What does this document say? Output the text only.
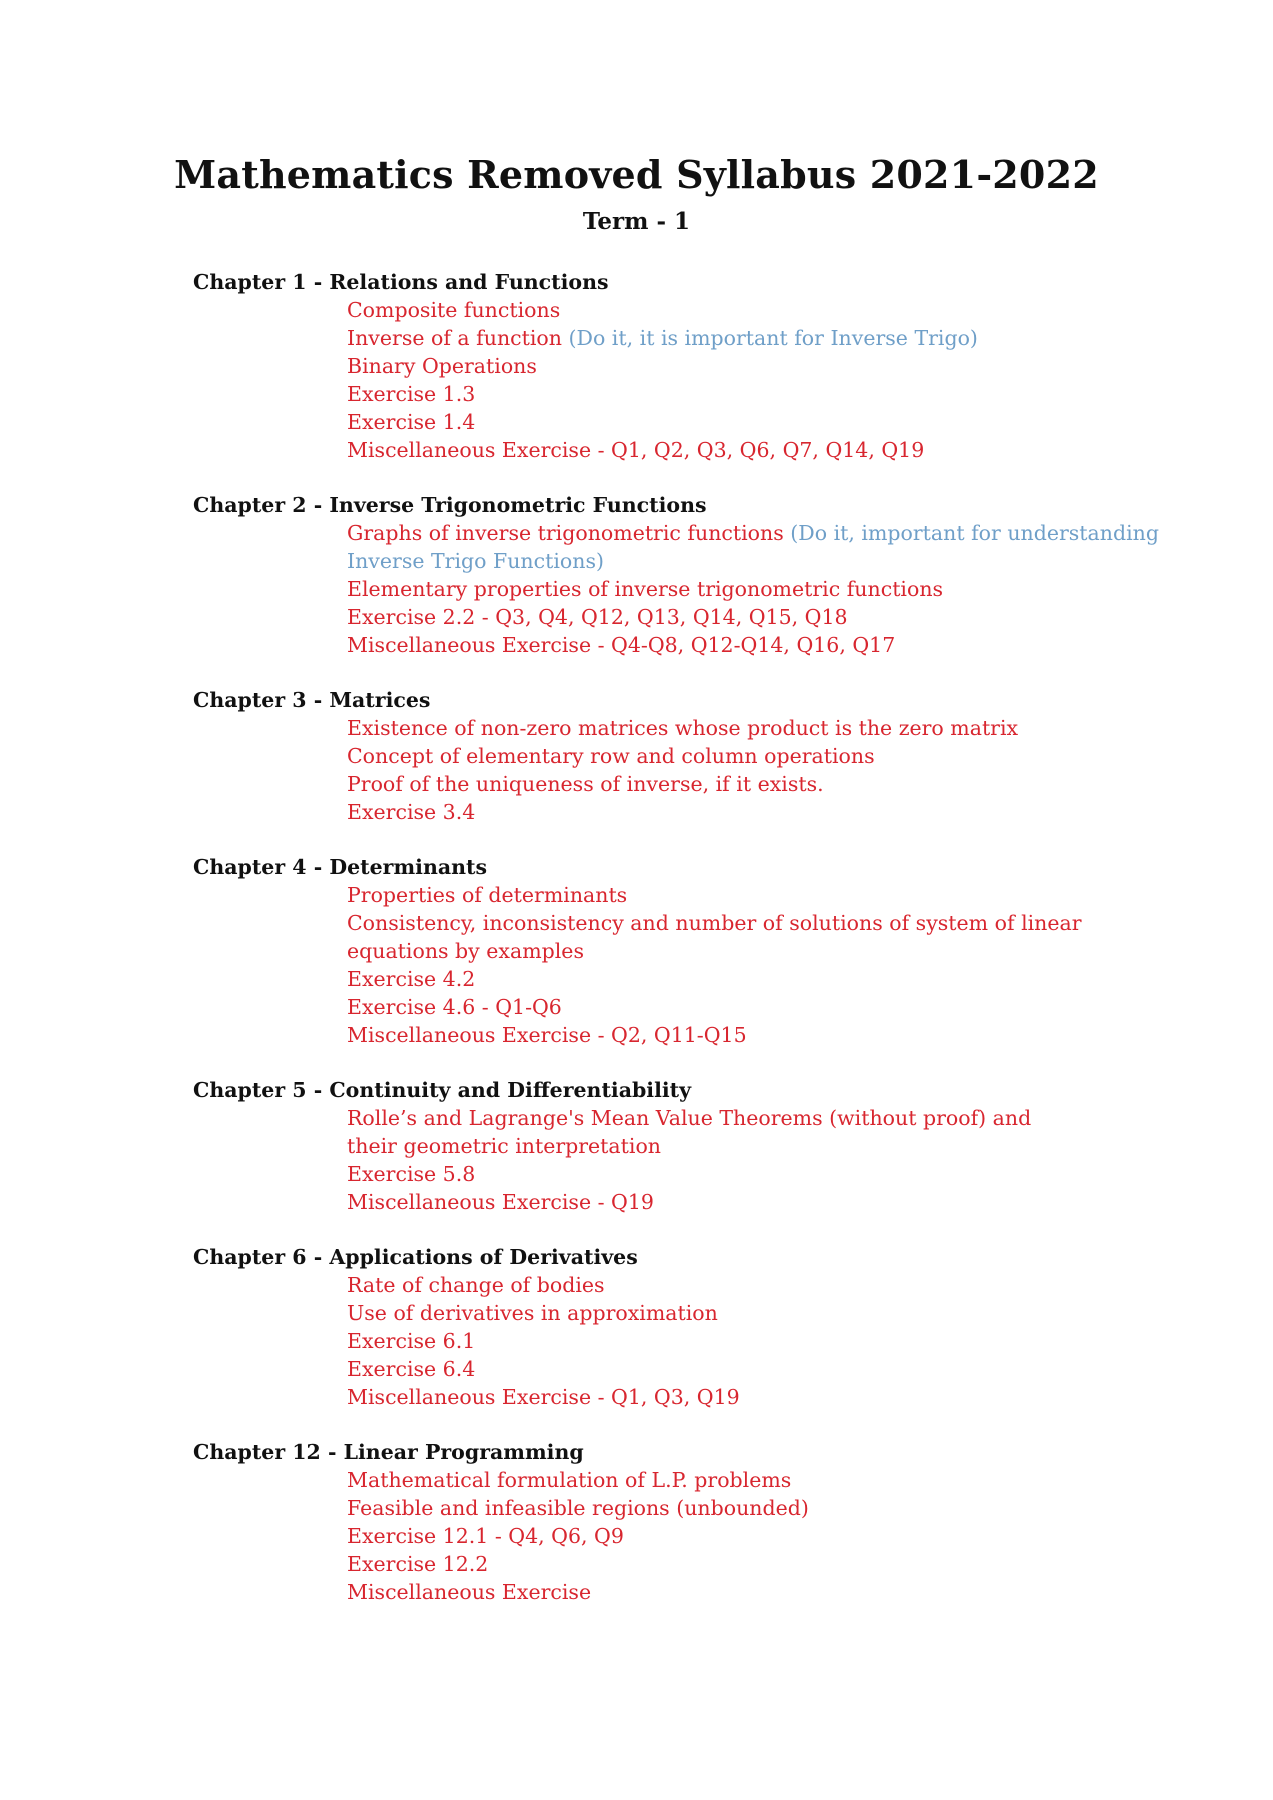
Mathematics Removed Syllabus 2021-2022
Term - 1
Chapter 1 - Relations and Functions
Composite functions
Inverse of a function (Do it, it is important for Inverse Trigo)
Binary Operations
Exercise 1.3
Exercise 1.4
Miscellaneous Exercise - Q1, Q2, Q3, Q6, Q7, Q14, Q19
Chapter 2 - Inverse Trigonometric Functions
Graphs of inverse trigonometric functions (Do it, important for understanding
Inverse Trigo Functions)
Elementary properties of inverse trigonometric functions
Exercise 2.2 - Q3, Q4, Q12, Q13, Q14, Q15, Q18
Miscellaneous Exercise - Q4-Q8, Q12-Q14, Q16, Q17
Chapter 3 - Matrices
Existence of non-zero matrices whose product is the zero matrix
Concept of elementary row and column operations
Proof of the uniqueness of inverse, if it exists.
Exercise 3.4
Chapter 4 - Determinants
Properties of determinants
Consistency, inconsistency and number of solutions of system of linear
equations by examples
Exercise 4.2
Exercise 4.6 - Q1-Q6
Miscellaneous Exercise - Q2, Q11-Q15
Chapter 5 - Continuity and Differentiability
Rolle’s and Lagrange's Mean Value Theorems (without proof) and
their geometric interpretation
Exercise 5.8
Miscellaneous Exercise - Q19
Chapter 6 - Applications of Derivatives
Rate of change of bodies
Use of derivatives in approximation
Exercise 6.1
Exercise 6.4
Miscellaneous Exercise - Q1, Q3, Q19
Chapter 12 - Linear Programming
Mathematical formulation of L.P. problems
Feasible and infeasible regions (unbounded)
Exercise 12.1 - Q4, Q6, Q9
Exercise 12.2
Miscellaneous Exercise
